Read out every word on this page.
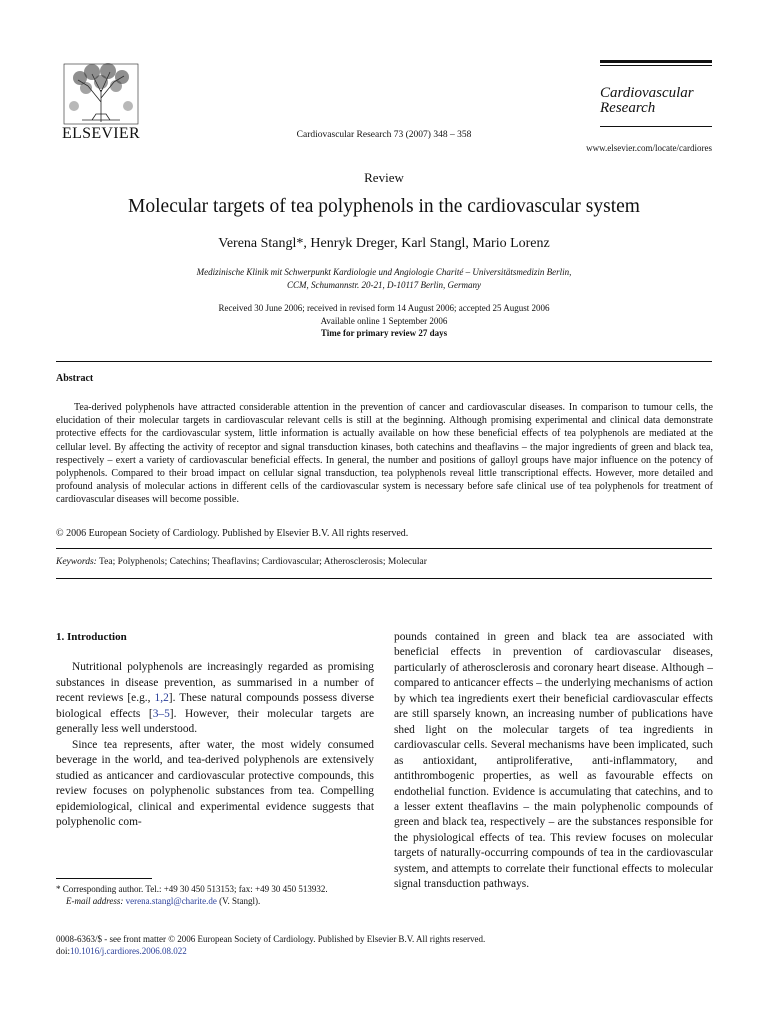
ELSEVIER	Cardiovascular Research 73 (2007) 348 – 358
Cardiovascular
Research
www.elsevier.com/locate/cardiores
Review
Molecular targets of tea polyphenols in the cardiovascular system
Verena Stangl*, Henryk Dreger, Karl Stangl, Mario Lorenz
Medizinische Klinik mit Schwerpunkt Kardiologie und Angiologie Charité – Universitätsmedizin Berlin,
CCM, Schumannstr. 20-21, D-10117 Berlin, Germany
Received 30 June 2006; received in revised form 14 August 2006; accepted 25 August 2006
Available online 1 September 2006
Time for primary review 27 days
Abstract
Tea-derived polyphenols have attracted considerable attention in the prevention of cancer and cardiovascular diseases. In comparison to tumour cells, the elucidation of their molecular targets in cardiovascular relevant cells is still at the beginning. Although promising experimental and clinical data demonstrate protective effects for the cardiovascular system, little information is actually available on how these beneficial effects of tea polyphenols are mediated at the cellular level. By affecting the activity of receptor and signal transduction kinases, both catechins and theaflavins – the major ingredients of green and black tea, respectively – exert a variety of cardiovascular beneficial effects. In general, the number and positions of galloyl groups have major influence on the potency of polyphenols. Compared to their broad impact on cellular signal transduction, tea polyphenols reveal little transcriptional effects. However, more detailed and profound analysis of molecular actions in different cells of the cardiovascular system is necessary before safe clinical use of tea polyphenols for treatment of cardiovascular diseases will become possible.
© 2006 European Society of Cardiology. Published by Elsevier B.V. All rights reserved.
Keywords: Tea; Polyphenols; Catechins; Theaflavins; Cardiovascular; Atherosclerosis; Molecular
1. Introduction

Nutritional polyphenols are increasingly regarded as promising substances in disease prevention, as summarised in a number of recent reviews [e.g., 1,2]. These natural compounds possess diverse biological effects [3–5]. However, their molecular targets are generally less well understood.

Since tea represents, after water, the most widely consumed beverage in the world, and tea-derived polyphenols are extensively studied as anticancer and cardiovascular protective compounds, this review focuses on polyphenolic substances from tea. Compelling epidemiological, clinical and experimental evidence suggests that polyphenolic com-

pounds contained in green and black tea are associated with beneficial effects in prevention of cardiovascular diseases, particularly of atherosclerosis and coronary heart disease. Although – compared to anticancer effects – the underlying mechanisms of action by which tea ingredients exert their beneficial cardiovascular effects are still sparsely known, an increasing number of publications have shed light on the molecular targets of tea ingredients in cardiovascular cells. Several mechanisms have been implicated, such as antioxidant, antiproliferative, anti-inflammatory, and antithrombogenic properties, as well as favourable effects on endothelial function. Evidence is accumulating that catechins, and to a lesser extent theaflavins – the main polyphenolic compounds of green and black tea, respectively – are the substances responsible for the physiological effects of tea. This review focuses on molecular targets of naturally-occurring compounds of tea in the cardiovascular system, and attempts to correlate their functional effects to molecular signal transduction pathways.

* Corresponding author. Tel.: +49 30 450 513153; fax: +49 30 450 513932.
E-mail address: verena.stangl@charite.de (V. Stangl).
0008-6363/$ - see front matter © 2006 European Society of Cardiology. Published by Elsevier B.V. All rights reserved.
doi:10.1016/j.cardiores.2006.08.022
